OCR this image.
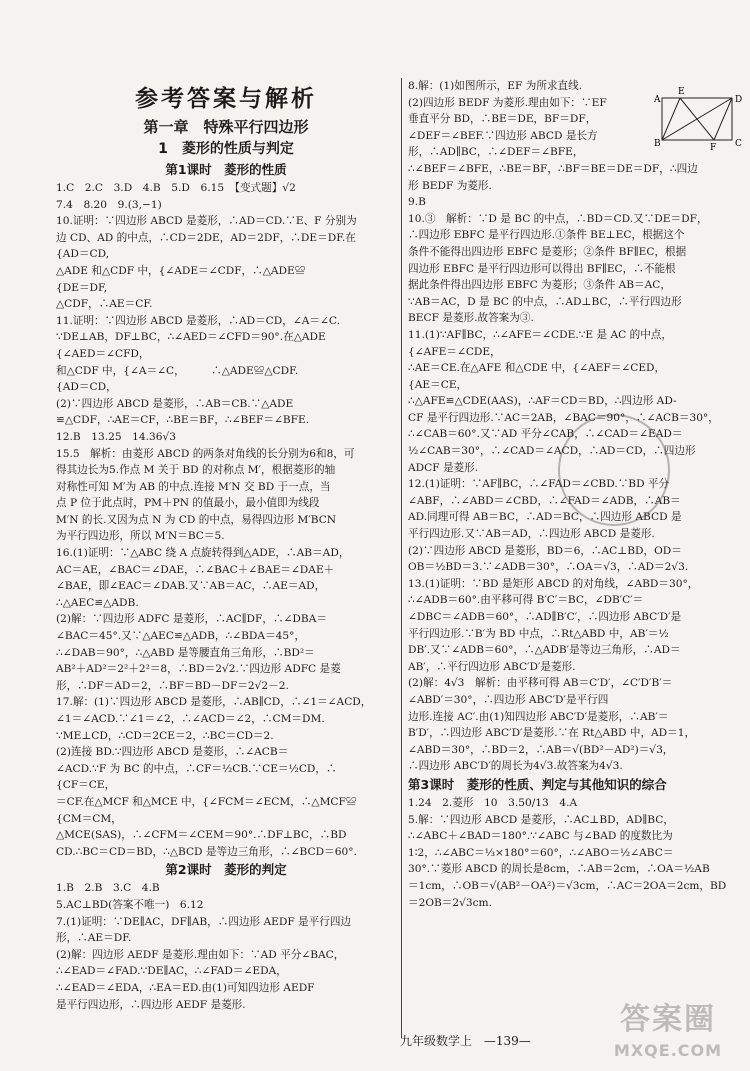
参考答案与解析
第一章　特殊平行四边形
1　菱形的性质与判定
第1课时　菱形的性质
1.C　2.C　3.D　4.B　5.D　6.15　【变式题】√2
7.4　8.20　9.(3,−1)
10.证明：∵四边形 ABCD 是菱形，∴AD＝CD.∵E、F 分别为
边 CD、AD 的中点，∴CD＝2DE，AD＝2DF，∴DE＝DF.在
{AD＝CD,
△ADE 和△CDF 中，{∠ADE＝∠CDF，∴△ADE≌
{DE＝DF,
△CDF，∴AE＝CF.
11.证明：∵四边形 ABCD 是菱形，∴AD＝CD，∠A＝∠C.
∵DE⊥AB，DF⊥BC，∴∠AED＝∠CFD＝90°.在△ADE
{∠AED＝∠CFD，
和△CDF 中，{∠A＝∠C，　　　∴△ADE≌△CDF.
{AD＝CD，
(2)∵四边形 ABCD 是菱形，∴AB＝CB.∵△ADE
≌△CDF，∴AE＝CF，∴BE＝BF，∴∠BEF＝∠BFE.
12.B　13.25　14.36√3
15.5　解析：由菱形 ABCD 的两条对角线的长分别为6和8，可
得其边长为5.作点 M 关于 BD 的对称点 M′，根据菱形的轴
对称性可知 M′为 AB 的中点.连接 M′N 交 BD 于一点，当
点 P 位于此点时，PM＋PN 的值最小，最小值即为线段
M′N 的长.又因为点 N 为 CD 的中点，易得四边形 M′BCN
为平行四边形，所以 M′N＝BC＝5.
16.(1)证明：∵△ABC 绕 A 点旋转得到△ADE，∴AB＝AD，
AC＝AE，∠BAC＝∠DAE，∴∠BAC＋∠BAE＝∠DAE＋
∠BAE，即∠EAC＝∠DAB.又∵AB＝AC，∴AE＝AD，
∴△AEC≌△ADB.
(2)解：∵四边形 ADFC 是菱形，∴AC∥DF，∴∠DBA＝
∠BAC＝45°.又∵△AEC≌△ADB，∴∠BDA＝45°，
∴∠DAB＝90°，∴△ABD 是等腰直角三角形，∴BD²＝
AB²＋AD²＝2²＋2²＝8，∴BD＝2√2.∵四边形 ADFC 是菱
形，∴DF＝AD＝2，∴BF＝BD－DF＝2√2－2.
17.解：(1)∵四边形 ABCD 是菱形，∴AB∥CD，∴∠1＝∠ACD，
∠1＝∠ACD.∵∠1＝∠2，∴∠ACD＝∠2，∴CM＝DM.
∵ME⊥CD，∴CD＝2CE＝2，∴BC＝CD＝2.
(2)连接 BD.∵四边形 ABCD 是菱形，∴∠ACB＝
∠ACD.∵F 为 BC 的中点，∴CF＝½CB.∵CE＝½CD，∴
{CF＝CE，
＝CF.在△MCF 和△MCE 中，{∠FCM＝∠ECM，∴△MCF≌
{CM＝CM，
△MCE(SAS)，∴∠CFM＝∠CEM＝90°.∴DF⊥BC，∴BD
CD.∴BC＝CD＝BD，∴△BCD 是等边三角形，∴∠BCD＝60°.
第2课时　菱形的判定
1.B　2.B　3.C　4.B
5.AC⊥BD(答案不唯一)　6.12
7.(1)证明：∵DE∥AC，DF∥AB，∴四边形 AEDF 是平行四边
形，∴AE＝DF.
(2)解：四边形 AEDF 是菱形.理由如下：∵AD 平分∠BAC，
∴∠EAD＝∠FAD.∵DE∥AC，∴∠FAD＝∠EDA，
∴∠EAD＝∠EDA，∴EA＝ED.由(1)可知四边形 AEDF
是平行四边形，∴四边形 AEDF 是菱形.
8.解：(1)如图所示，EF 为所求直线.
(2)四边形 BEDF 为菱形.理由如下：∵EF
垂直平分 BD，∴BE＝DE，BF＝DF，
∠DEF＝∠BEF.∵四边形 ABCD 是长方
形，∴AD∥BC，∴∠DEF＝∠BFE，
∴∠BEF＝∠BFE，∴BE＝BF，∴BF＝BE＝DE＝DF，∴四边
形 BEDF 为菱形.
9.B
10.③　解析：∵D 是 BC 的中点，∴BD＝CD.又∵DE＝DF，
∴四边形 EBFC 是平行四边形.①条件 BE⊥EC，根据这个
条件不能得出四边形 EBFC 是菱形；②条件 BF∥EC，根据
四边形 EBFC 是平行四边形可以得出 BF∥EC，∴不能根
据此条件得出四边形 EBFC 为菱形；③条件 AB＝AC，
∵AB＝AC，D 是 BC 的中点，∴AD⊥BC，∴平行四边形
BECF 是菱形.故答案为③.
11.(1)∵AF∥BC，∴∠AFE＝∠CDE.∵E 是 AC 的中点，
{∠AFE＝∠CDE，
∴AE＝CE.在△AFE 和△CDE 中，{∠AEF＝∠CED，
{AE＝CE，
∴△AFE≌△CDE(AAS)，∴AF＝CD＝BD，∴四边形 AD-
CF 是平行四边形.∵AC＝2AB，∠BAC＝90°，∴∠ACB＝30°，
∴∠CAB＝60°.又∵AD 平分∠CAB，∴∠CAD＝∠EAD＝
½∠CAB＝30°，∴∠CAD＝∠ACD，∴AD＝CD，∴四边形
ADCF 是菱形.
12.(1)证明：∵AF∥BC，∴∠FAD＝∠CBD.∵BD 平分
∠ABF，∴∠ABD＝∠CBD，∴∠FAD＝∠ADB，∴AB＝
AD.同理可得 AB＝BC，∴AD＝BC，∴四边形 ABCD 是
平行四边形.又∵AB＝AD，∴四边形 ABCD 是菱形.
(2)∵四边形 ABCD 是菱形，BD＝6，∴AC⊥BD，OD＝
OB＝½BD＝3.∵∠ADB＝30°，∴OA＝√3，∴AD＝2√3.
13.(1)证明：∵BD 是矩形 ABCD 的对角线，∠ABD＝30°，
∴∠ADB＝60°.由平移可得 B′C′＝BC，∠DB′C′＝
∠DBC＝∠ADB＝60°，∴AD∥B′C′，∴四边形 ABC′D′是
平行四边形.∵B′为 BD 中点，∴Rt△ABD 中，AB′＝½
DB′.又∵∠ADB＝60°，∴△ADB′是等边三角形，∴AD＝
AB′，∴平行四边形 ABC′D′是菱形.
(2)解：4√3　解析：由平移可得 AB＝C′D′，∠C′D′B′＝
∠ABD′＝30°，∴四边形 ABC′D′是平行四
边形.连接 AC′.由(1)知四边形 ABC′D′是菱形，∴AB′＝
B′D′，∴四边形 ABC′D′是菱形.∵在 Rt△ABD 中，AD＝1，
∠ABD＝30°，∴BD＝2，∴AB＝√(BD²－AD²)＝√3，
∴四边形 ABC′D′的周长为4√3.故答案为4√3.
第3课时　菱形的性质、判定与其他知识的综合
1.24　2.菱形　10　3.50/13　4.A
5.解：∵四边形 ABCD 是菱形，∴AC⊥BD，AD∥BC，
∴∠ABC＋∠BAD＝180°.∵∠ABC 与∠BAD 的度数比为
1∶2，∴∠ABC＝⅓×180°＝60°，∴∠ABO＝½∠ABC＝
30°.∵菱形 ABCD 的周长是8cm，∴AB＝2cm，∴OA＝½AB
＝1cm，∴OB＝√(AB²－OA²)＝√3cm，∴AC＝2OA＝2cm，BD
＝2OB＝2√3cm.
A
E
D
B	F C
九年级数学上 —139—
答案圈
MXQE.COM
